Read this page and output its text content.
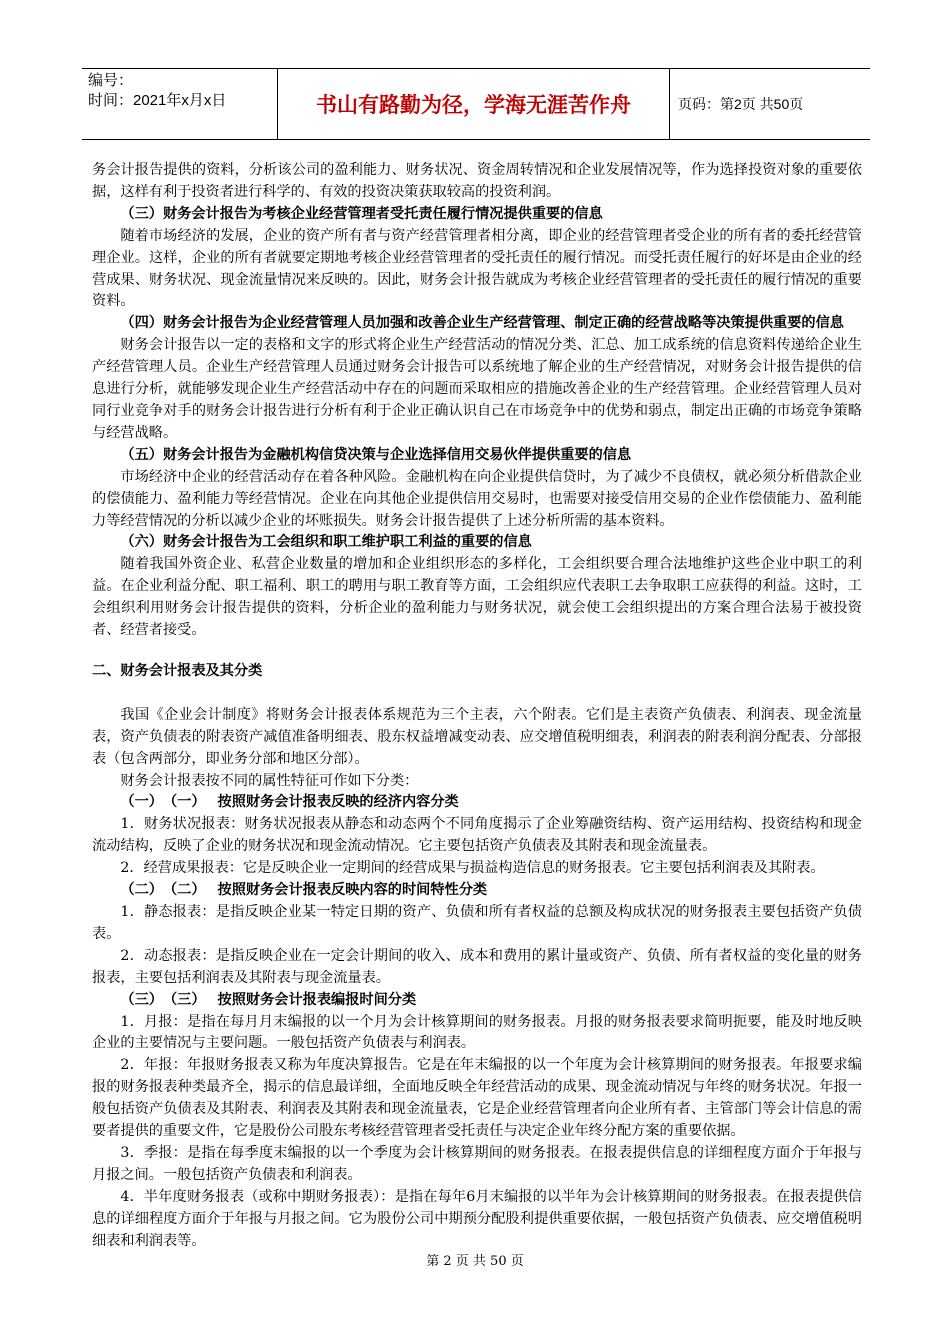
编号：
时间：2021年x月x日	书山有路勤为径，学海无涯苦作舟	页码：第2页 共50页

务会计报告提供的资料，分析该公司的盈利能力、财务状况、资金周转情况和企业发展情况等，作为选择投资对象的重要依据，这样有利于投资者进行科学的、有效的投资决策获取较高的投资利润。

（三）财务会计报告为考核企业经营管理者受托责任履行情况提供重要的信息

随着市场经济的发展，企业的资产所有者与资产经营管理者相分离，即企业的经营管理者受企业的所有者的委托经营管理企业。这样，企业的所有者就要定期地考核企业经营管理者的受托责任的履行情况。而受托责任履行的好坏是由企业的经营成果、财务状况、现金流量情况来反映的。因此，财务会计报告就成为考核企业经营管理者的受托责任的履行情况的重要资料。

（四）财务会计报告为企业经营管理人员加强和改善企业生产经营管理、制定正确的经营战略等决策提供重要的信息

财务会计报告以一定的表格和文字的形式将企业生产经营活动的情况分类、汇总、加工成系统的信息资料传递给企业生产经营管理人员。企业生产经营管理人员通过财务会计报告可以系统地了解企业的生产经营情况，对财务会计报告提供的信息进行分析，就能够发现企业生产经营活动中存在的问题而采取相应的措施改善企业的生产经营管理。企业经营管理人员对同行业竞争对手的财务会计报告进行分析有利于企业正确认识自己在市场竞争中的优势和弱点，制定出正确的市场竞争策略与经营战略。

（五）财务会计报告为金融机构信贷决策与企业选择信用交易伙伴提供重要的信息

市场经济中企业的经营活动存在着各种风险。金融机构在向企业提供信贷时，为了减少不良债权，就必须分析借款企业的偿债能力、盈利能力等经营情况。企业在向其他企业提供信用交易时，也需要对接受信用交易的企业作偿债能力、盈利能力等经营情况的分析以减少企业的坏账损失。财务会计报告提供了上述分析所需的基本资料。

（六）财务会计报告为工会组织和职工维护职工利益的重要的信息

随着我国外资企业、私营企业数量的增加和企业组织形态的多样化，工会组织要合理合法地维护这些企业中职工的利益。在企业利益分配、职工福利、职工的聘用与职工教育等方面，工会组织应代表职工去争取职工应获得的利益。这时，工会组织利用财务会计报告提供的资料，分析企业的盈利能力与财务状况，就会使工会组织提出的方案合理合法易于被投资者、经营者接受。

二、财务会计报表及其分类

我国《企业会计制度》将财务会计报表体系规范为三个主表，六个附表。它们是主表资产负债表、利润表、现金流量表，资产负债表的附表资产减值准备明细表、股东权益增减变动表、应交增值税明细表，利润表的附表利润分配表、分部报表（包含两部分，即业务分部和地区分部）。

财务会计报表按不同的属性特征可作如下分类：

（一）　（一）　 按照财务会计报表反映的经济内容分类

1．财务状况报表：财务状况报表从静态和动态两个不同角度揭示了企业筹融资结构、资产运用结构、投资结构和现金流动结构，反映了企业的财务状况和现金流动情况。它主要包括资产负债表及其附表和现金流量表。

2．经营成果报表：它是反映企业一定期间的经营成果与损益构造信息的财务报表。它主要包括利润表及其附表。

（二）　（二）　 按照财务会计报表反映内容的时间特性分类

1．静态报表：是指反映企业某一特定日期的资产、负债和所有者权益的总额及构成状况的财务报表主要包括资产负债表。

2．动态报表：是指反映企业在一定会计期间的收入、成本和费用的累计量或资产、负债、所有者权益的变化量的财务报表，主要包括利润表及其附表与现金流量表。

（三）　（三）　 按照财务会计报表编报时间分类

1．月报：是指在每月月末编报的以一个月为会计核算期间的财务报表。月报的财务报表要求简明扼要，能及时地反映企业的主要情况与主要问题。一般包括资产负债表与利润表。

2．年报：年报财务报表又称为年度决算报告。它是在年末编报的以一个年度为会计核算期间的财务报表。年报要求编报的财务报表种类最齐全，揭示的信息最详细，全面地反映全年经营活动的成果、现金流动情况与年终的财务状况。年报一般包括资产负债表及其附表、利润表及其附表和现金流量表，它是企业经营管理者向企业所有者、主管部门等会计信息的需要者提供的重要文件，它是股份公司股东考核经营管理者受托责任与决定企业年终分配方案的重要依据。

3．季报：是指在每季度末编报的以一个季度为会计核算期间的财务报表。在报表提供信息的详细程度方面介于年报与月报之间。一般包括资产负债表和利润表。

4．半年度财务报表（或称中期财务报表）：是指在每年6月末编报的以半年为会计核算期间的财务报表。在报表提供信息的详细程度方面介于年报与月报之间。它为股份公司中期预分配股利提供重要依据，一般包括资产负债表、应交增值税明细表和利润表等。

第 2 页 共 50 页
